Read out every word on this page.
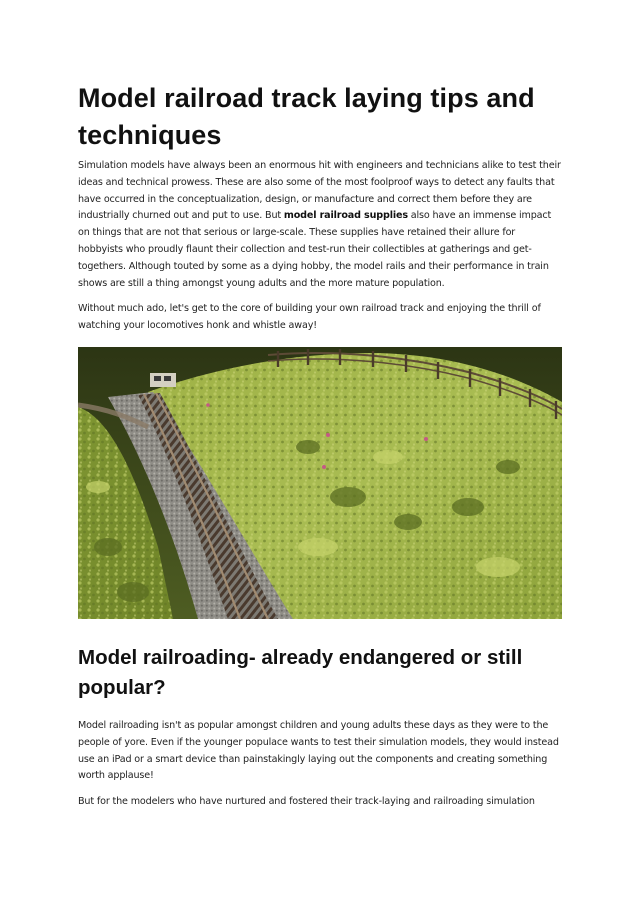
Model railroad track laying tips and techniques

Simulation models have always been an enormous hit with engineers and technicians alike to test their ideas and technical prowess. These are also some of the most foolproof ways to detect any faults that have occurred in the conceptualization, design, or manufacture and correct them before they are industrially churned out and put to use. But model railroad supplies also have an immense impact on things that are not that serious or large-scale. These supplies have retained their allure for hobbyists who proudly flaunt their collection and test-run their collectibles at gatherings and get-togethers. Although touted by some as a dying hobby, the model rails and their performance in train shows are still a thing amongst young adults and the more mature population.

Without much ado, let's get to the core of building your own railroad track and enjoying the thrill of watching your locomotives honk and whistle away!

Model railroading- already endangered or still popular?

Model railroading isn't as popular amongst children and young adults these days as they were to the people of yore. Even if the younger populace wants to test their simulation models, they would instead use an iPad or a smart device than painstakingly laying out the components and creating something worth applause!

But for the modelers who have nurtured and fostered their track-laying and railroading simulation
